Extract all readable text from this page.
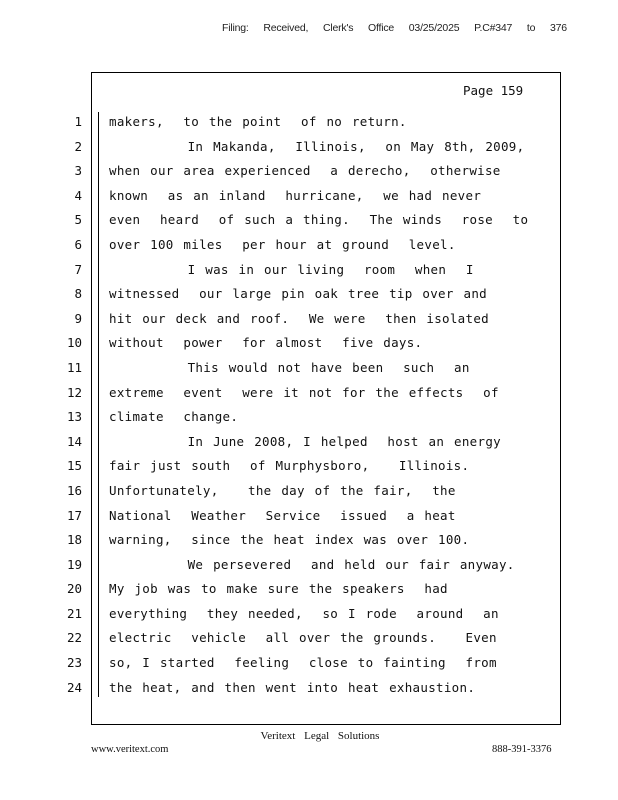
Filing: Received, Clerk's Office 03/25/2025 P.C#347 to 376
Page 159
1
2
3
4
5
6
7
8
9
10
11
12
13
14
15
16
17
18
19
20
21
22
23
24
makers,  to the point  of no return.
In Makanda,  Illinois,  on May 8th, 2009,
when our area experienced  a derecho,  otherwise
known  as an inland  hurricane,  we had never
even  heard  of such a thing.  The winds  rose  to
over 100 miles  per hour at ground  level.
I was in our living  room  when  I
witnessed  our large pin oak tree tip over and
hit our deck and roof.  We were  then isolated
without  power  for almost  five days.
This would not have been  such  an
extreme  event  were it not for the effects  of
climate  change.
In June 2008, I helped  host an energy
fair just south  of Murphysboro,   Illinois.
Unfortunately,   the day of the fair,  the
National  Weather  Service  issued  a heat
warning,  since the heat index was over 100.
We persevered  and held our fair anyway.
My job was to make sure the speakers  had
everything  they needed,  so I rode  around  an
electric  vehicle  all over the grounds.   Even
so, I started  feeling  close to fainting  from
the heat, and then went into heat exhaustion.
Veritext Legal Solutions
www.veritext.com	888-391-3376
